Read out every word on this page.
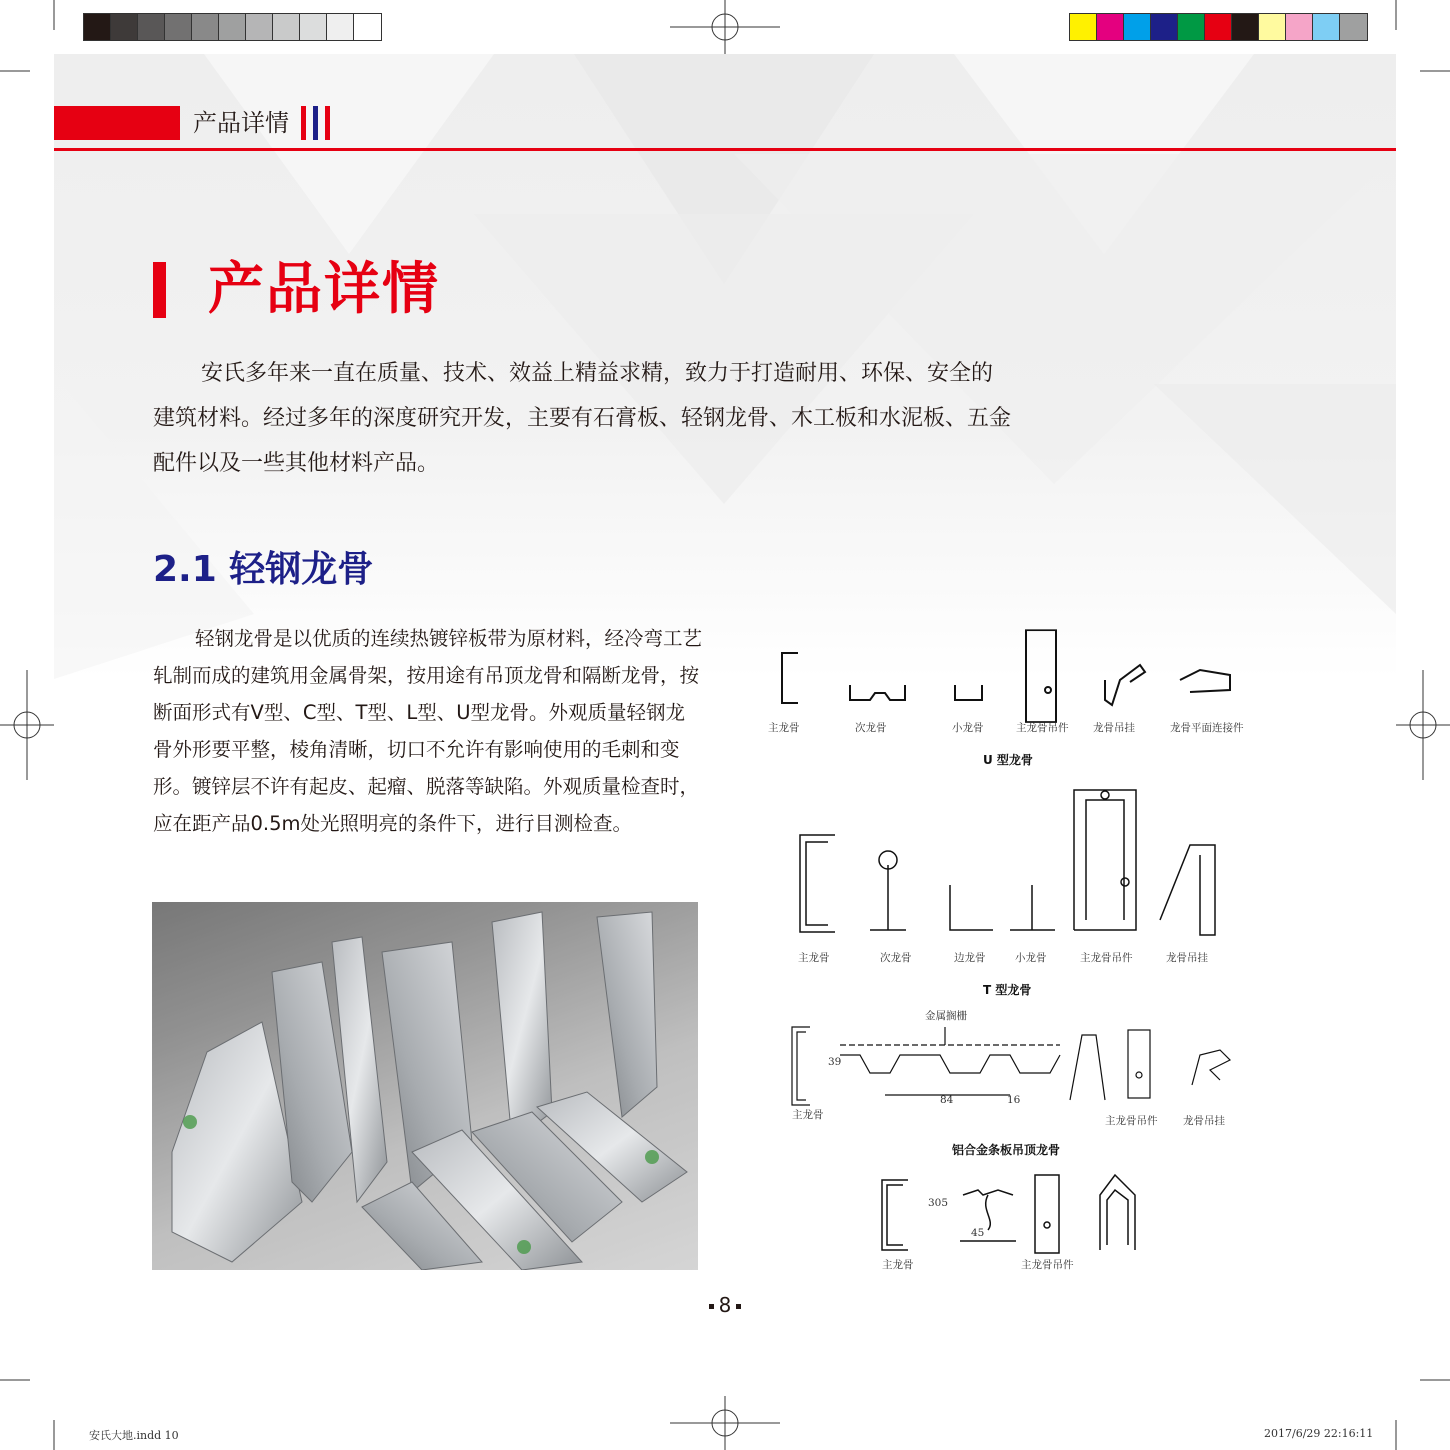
产品详情
产品详情

安氏多年来一直在质量、技术、效益上精益求精，致力于打造耐用、环保、安全的建筑材料。经过多年的深度研究开发，主要有石膏板、轻钢龙骨、木工板和水泥板、五金配件以及一些其他材料产品。

2.1 轻钢龙骨

轻钢龙骨是以优质的连续热镀锌板带为原材料，经冷弯工艺轧制而成的建筑用金属骨架，按用途有吊顶龙骨和隔断龙骨，按断面形式有V型、C型、T型、L型、U型龙骨。外观质量轻钢龙骨外形要平整，棱角清晰，切口不允许有影响使用的毛刺和变形。镀锌层不许有起皮、起瘤、脱落等缺陷。外观质量检查时，应在距产品0.5m处光照明亮的条件下，进行目测检查。

主龙骨	次龙骨	小龙骨	主龙骨吊件 龙骨吊挂	龙骨平面连接件
U 型龙骨
主龙骨	次龙骨	边龙骨	小龙骨	主龙骨吊件	龙骨吊挂
T 型龙骨
金属搁栅
39
84	16
主龙骨	主龙骨吊件 龙骨吊挂
铝合金条板吊顶龙骨
305
45
主龙骨	主龙骨吊件
8
安氏大地.indd 10	2017/6/29 22:16:11
